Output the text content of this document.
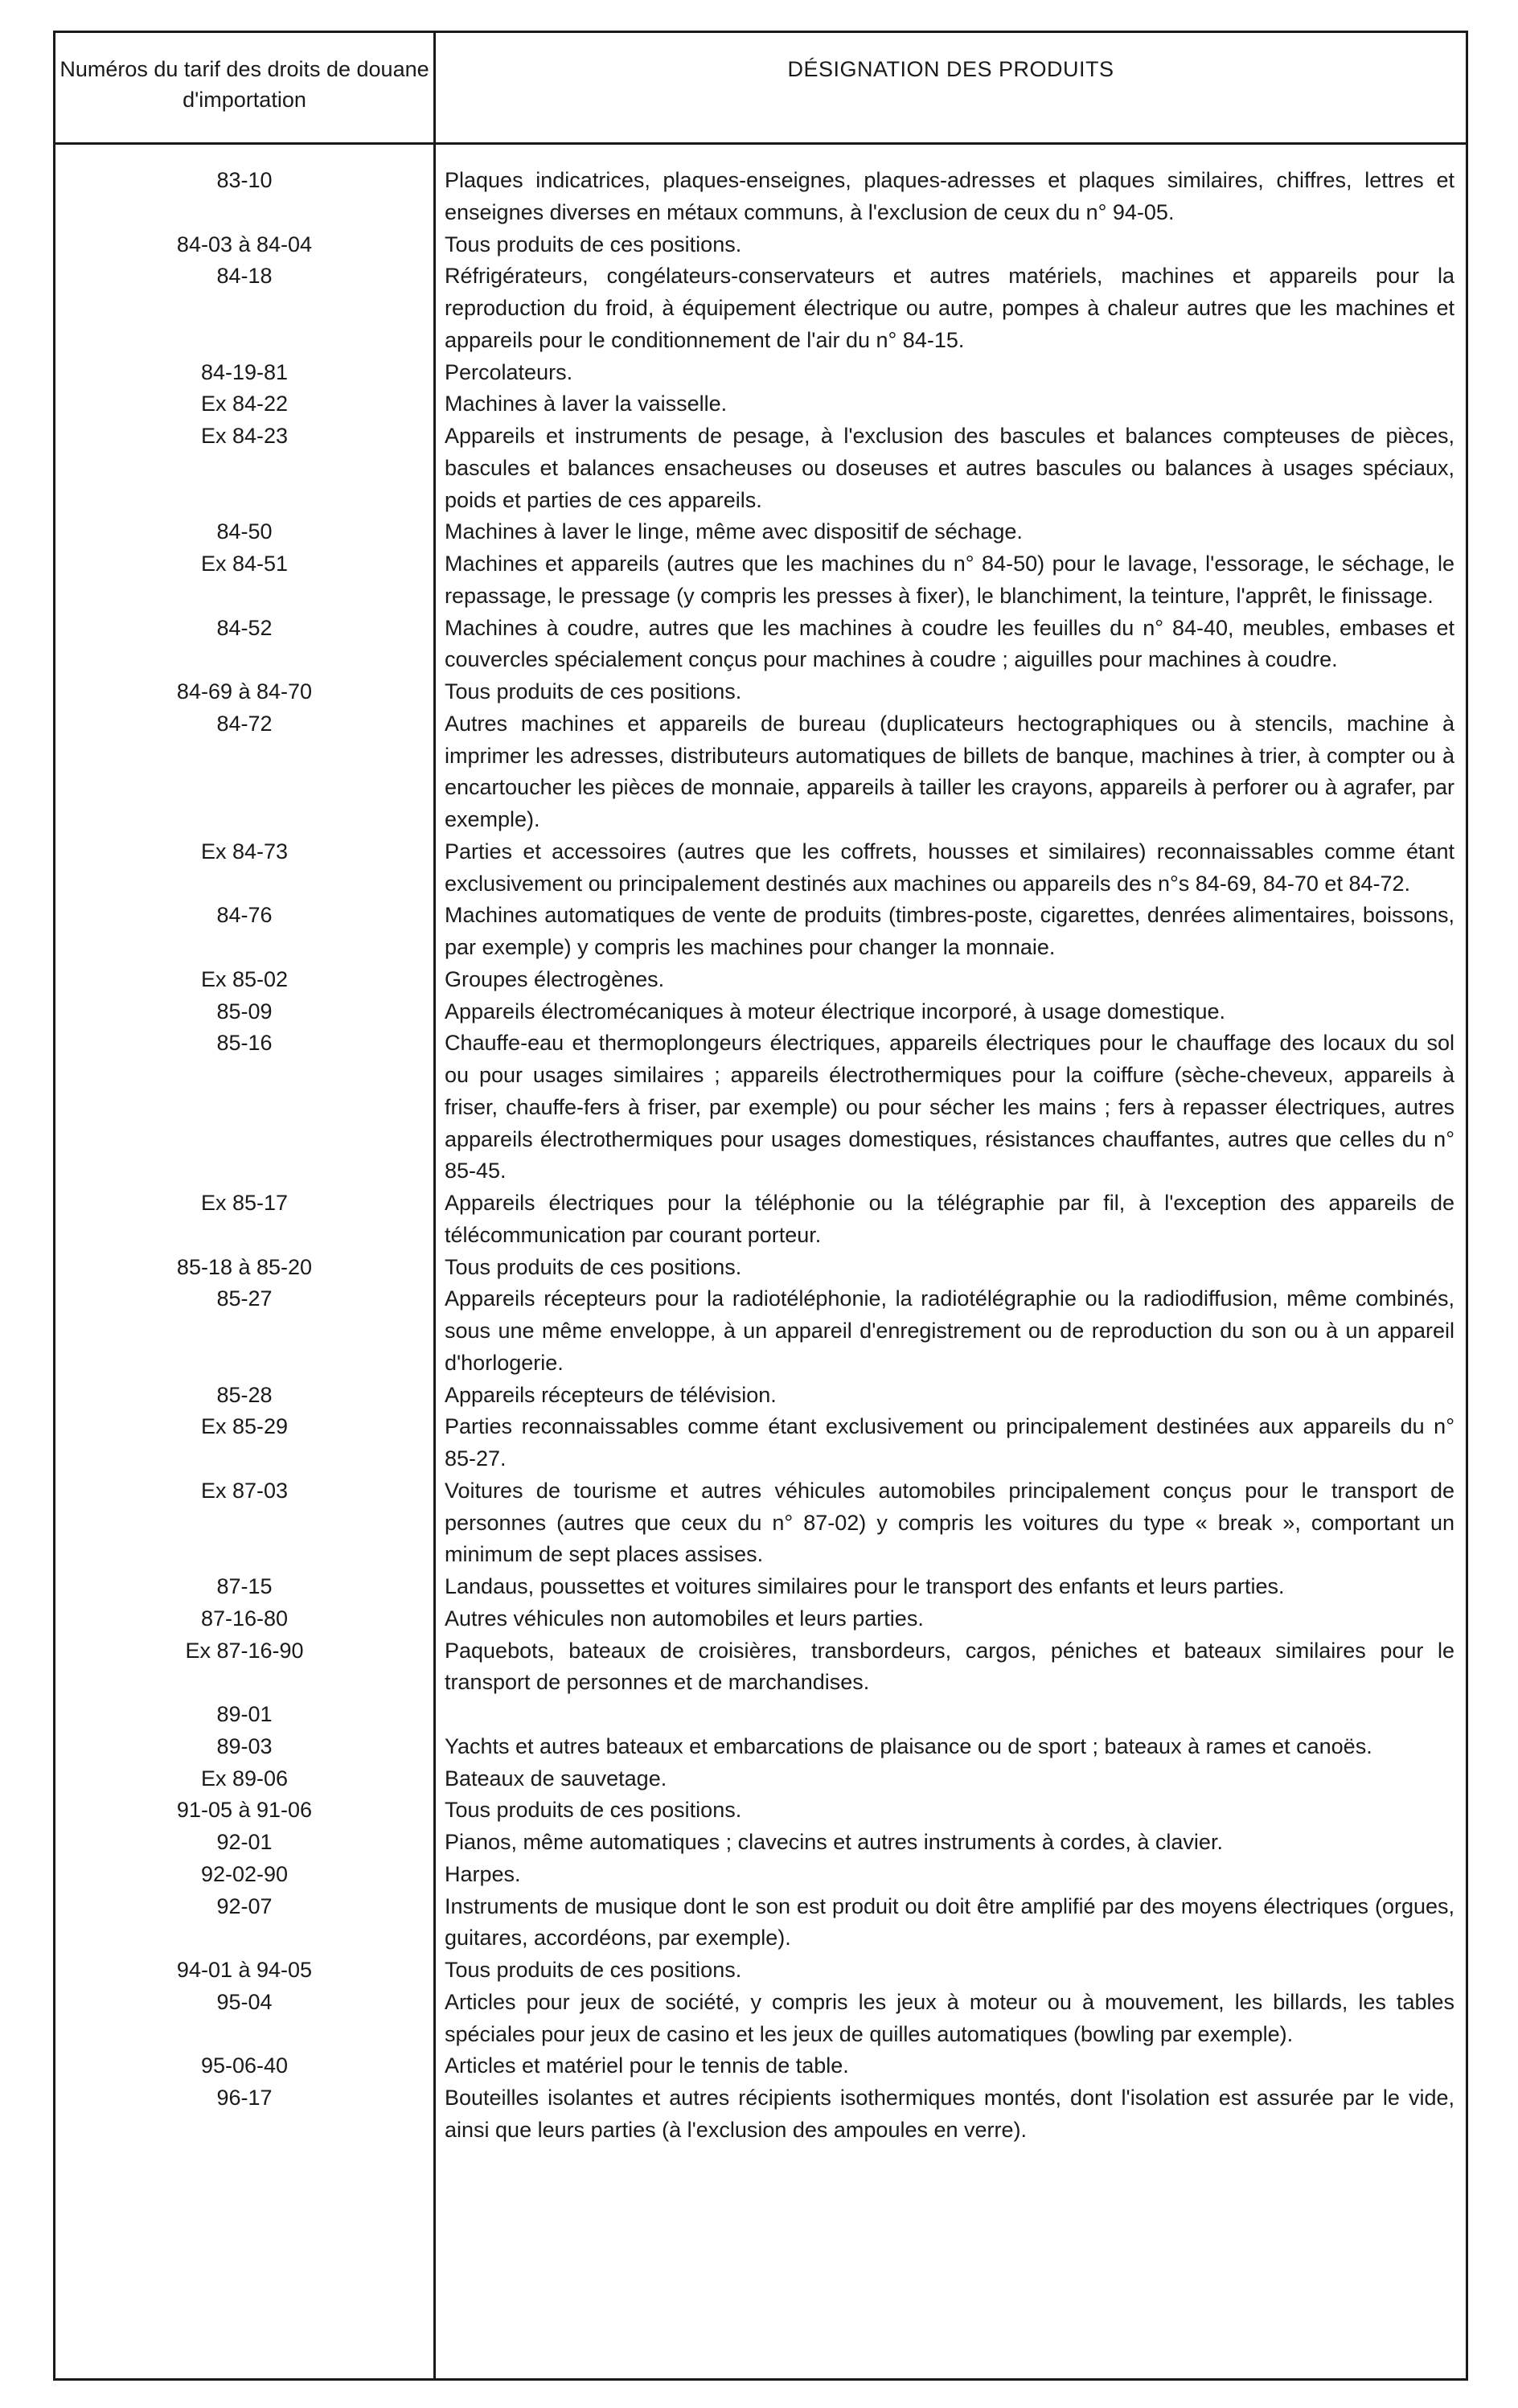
Numéros du tarif des droits de douane d'importation
DÉSIGNATION DES PRODUITS
83-10	Plaques indicatrices, plaques-enseignes, plaques-adresses et plaques similaires, chiffres, lettres et enseignes diverses en métaux communs, à l'exclusion de ceux du n° 94-05.
84-03 à 84-04	Tous produits de ces positions.
84-18	Réfrigérateurs, congélateurs-conservateurs et autres matériels, machines et appareils pour la reproduction du froid, à équipement électrique ou autre, pompes à chaleur autres que les machines et appareils pour le conditionnement de l'air du n° 84-15.
84-19-81	Percolateurs.
Ex 84-22	Machines à laver la vaisselle.
Ex 84-23	Appareils et instruments de pesage, à l'exclusion des bascules et balances compteuses de pièces, bascules et balances ensacheuses ou doseuses et autres bascules ou balances à usages spéciaux, poids et parties de ces appareils.
84-50	Machines à laver le linge, même avec dispositif de séchage.
Ex 84-51	Machines et appareils (autres que les machines du n° 84-50) pour le lavage, l'essorage, le séchage, le repassage, le pressage (y compris les presses à fixer), le blanchiment, la teinture, l'apprêt, le finissage.
84-52	Machines à coudre, autres que les machines à coudre les feuilles du n° 84-40, meubles, embases et couvercles spécialement conçus pour machines à coudre ; aiguilles pour machines à coudre.
84-69 à 84-70	Tous produits de ces positions.
84-72	Autres machines et appareils de bureau (duplicateurs hectographiques ou à stencils, machine à imprimer les adresses, distributeurs automatiques de billets de banque, machines à trier, à compter ou à encartoucher les pièces de monnaie, appareils à tailler les crayons, appareils à perforer ou à agrafer, par exemple).
Ex 84-73	Parties et accessoires (autres que les coffrets, housses et similaires) reconnaissables comme étant exclusivement ou principalement destinés aux machines ou appareils des n°s 84-69, 84-70 et 84-72.
84-76	Machines automatiques de vente de produits (timbres-poste, cigarettes, denrées alimentaires, boissons, par exemple) y compris les machines pour changer la monnaie.
Ex 85-02	Groupes électrogènes.
85-09	Appareils électromécaniques à moteur électrique incorporé, à usage domestique.
85-16	Chauffe-eau et thermoplongeurs électriques, appareils électriques pour le chauffage des locaux du sol ou pour usages similaires ; appareils électrothermiques pour la coiffure (sèche-cheveux, appareils à friser, chauffe-fers à friser, par exemple) ou pour sécher les mains ; fers à repasser électriques, autres appareils électrothermiques pour usages domestiques, résistances chauffantes, autres que celles du n° 85-45.
Ex 85-17	Appareils électriques pour la téléphonie ou la télégraphie par fil, à l'exception des appareils de télécommunication par courant porteur.
85-18 à 85-20	Tous produits de ces positions.
85-27	Appareils récepteurs pour la radiotéléphonie, la radiotélégraphie ou la radiodiffusion, même combinés, sous une même enveloppe, à un appareil d'enregistrement ou de reproduction du son ou à un appareil d'horlogerie.
85-28	Appareils récepteurs de télévision.
Ex 85-29	Parties reconnaissables comme étant exclusivement ou principalement destinées aux appareils du n° 85-27.
Ex 87-03	Voitures de tourisme et autres véhicules automobiles principalement conçus pour le transport de personnes (autres que ceux du n° 87-02) y compris les voitures du type « break », comportant un minimum de sept places assises.
87-15	Landaus, poussettes et voitures similaires pour le transport des enfants et leurs parties.
87-16-80	Autres véhicules non automobiles et leurs parties.
Ex 87-16-90	Paquebots, bateaux de croisières, transbordeurs, cargos, péniches et bateaux similaires pour le transport de personnes et de marchandises.
89-01
89-03	Yachts et autres bateaux et embarcations de plaisance ou de sport ; bateaux à rames et canoës.
Ex 89-06	Bateaux de sauvetage.
91-05 à 91-06	Tous produits de ces positions.
92-01	Pianos, même automatiques ; clavecins et autres instruments à cordes, à clavier.
92-02-90	Harpes.
92-07	Instruments de musique dont le son est produit ou doit être amplifié par des moyens électriques (orgues, guitares, accordéons, par exemple).
94-01 à 94-05	Tous produits de ces positions.
95-04	Articles pour jeux de société, y compris les jeux à moteur ou à mouvement, les billards, les tables spéciales pour jeux de casino et les jeux de quilles automatiques (bowling par exemple).
95-06-40	Articles et matériel pour le tennis de table.
96-17	Bouteilles isolantes et autres récipients isothermiques montés, dont l'isolation est assurée par le vide, ainsi que leurs parties (à l'exclusion des ampoules en verre).
